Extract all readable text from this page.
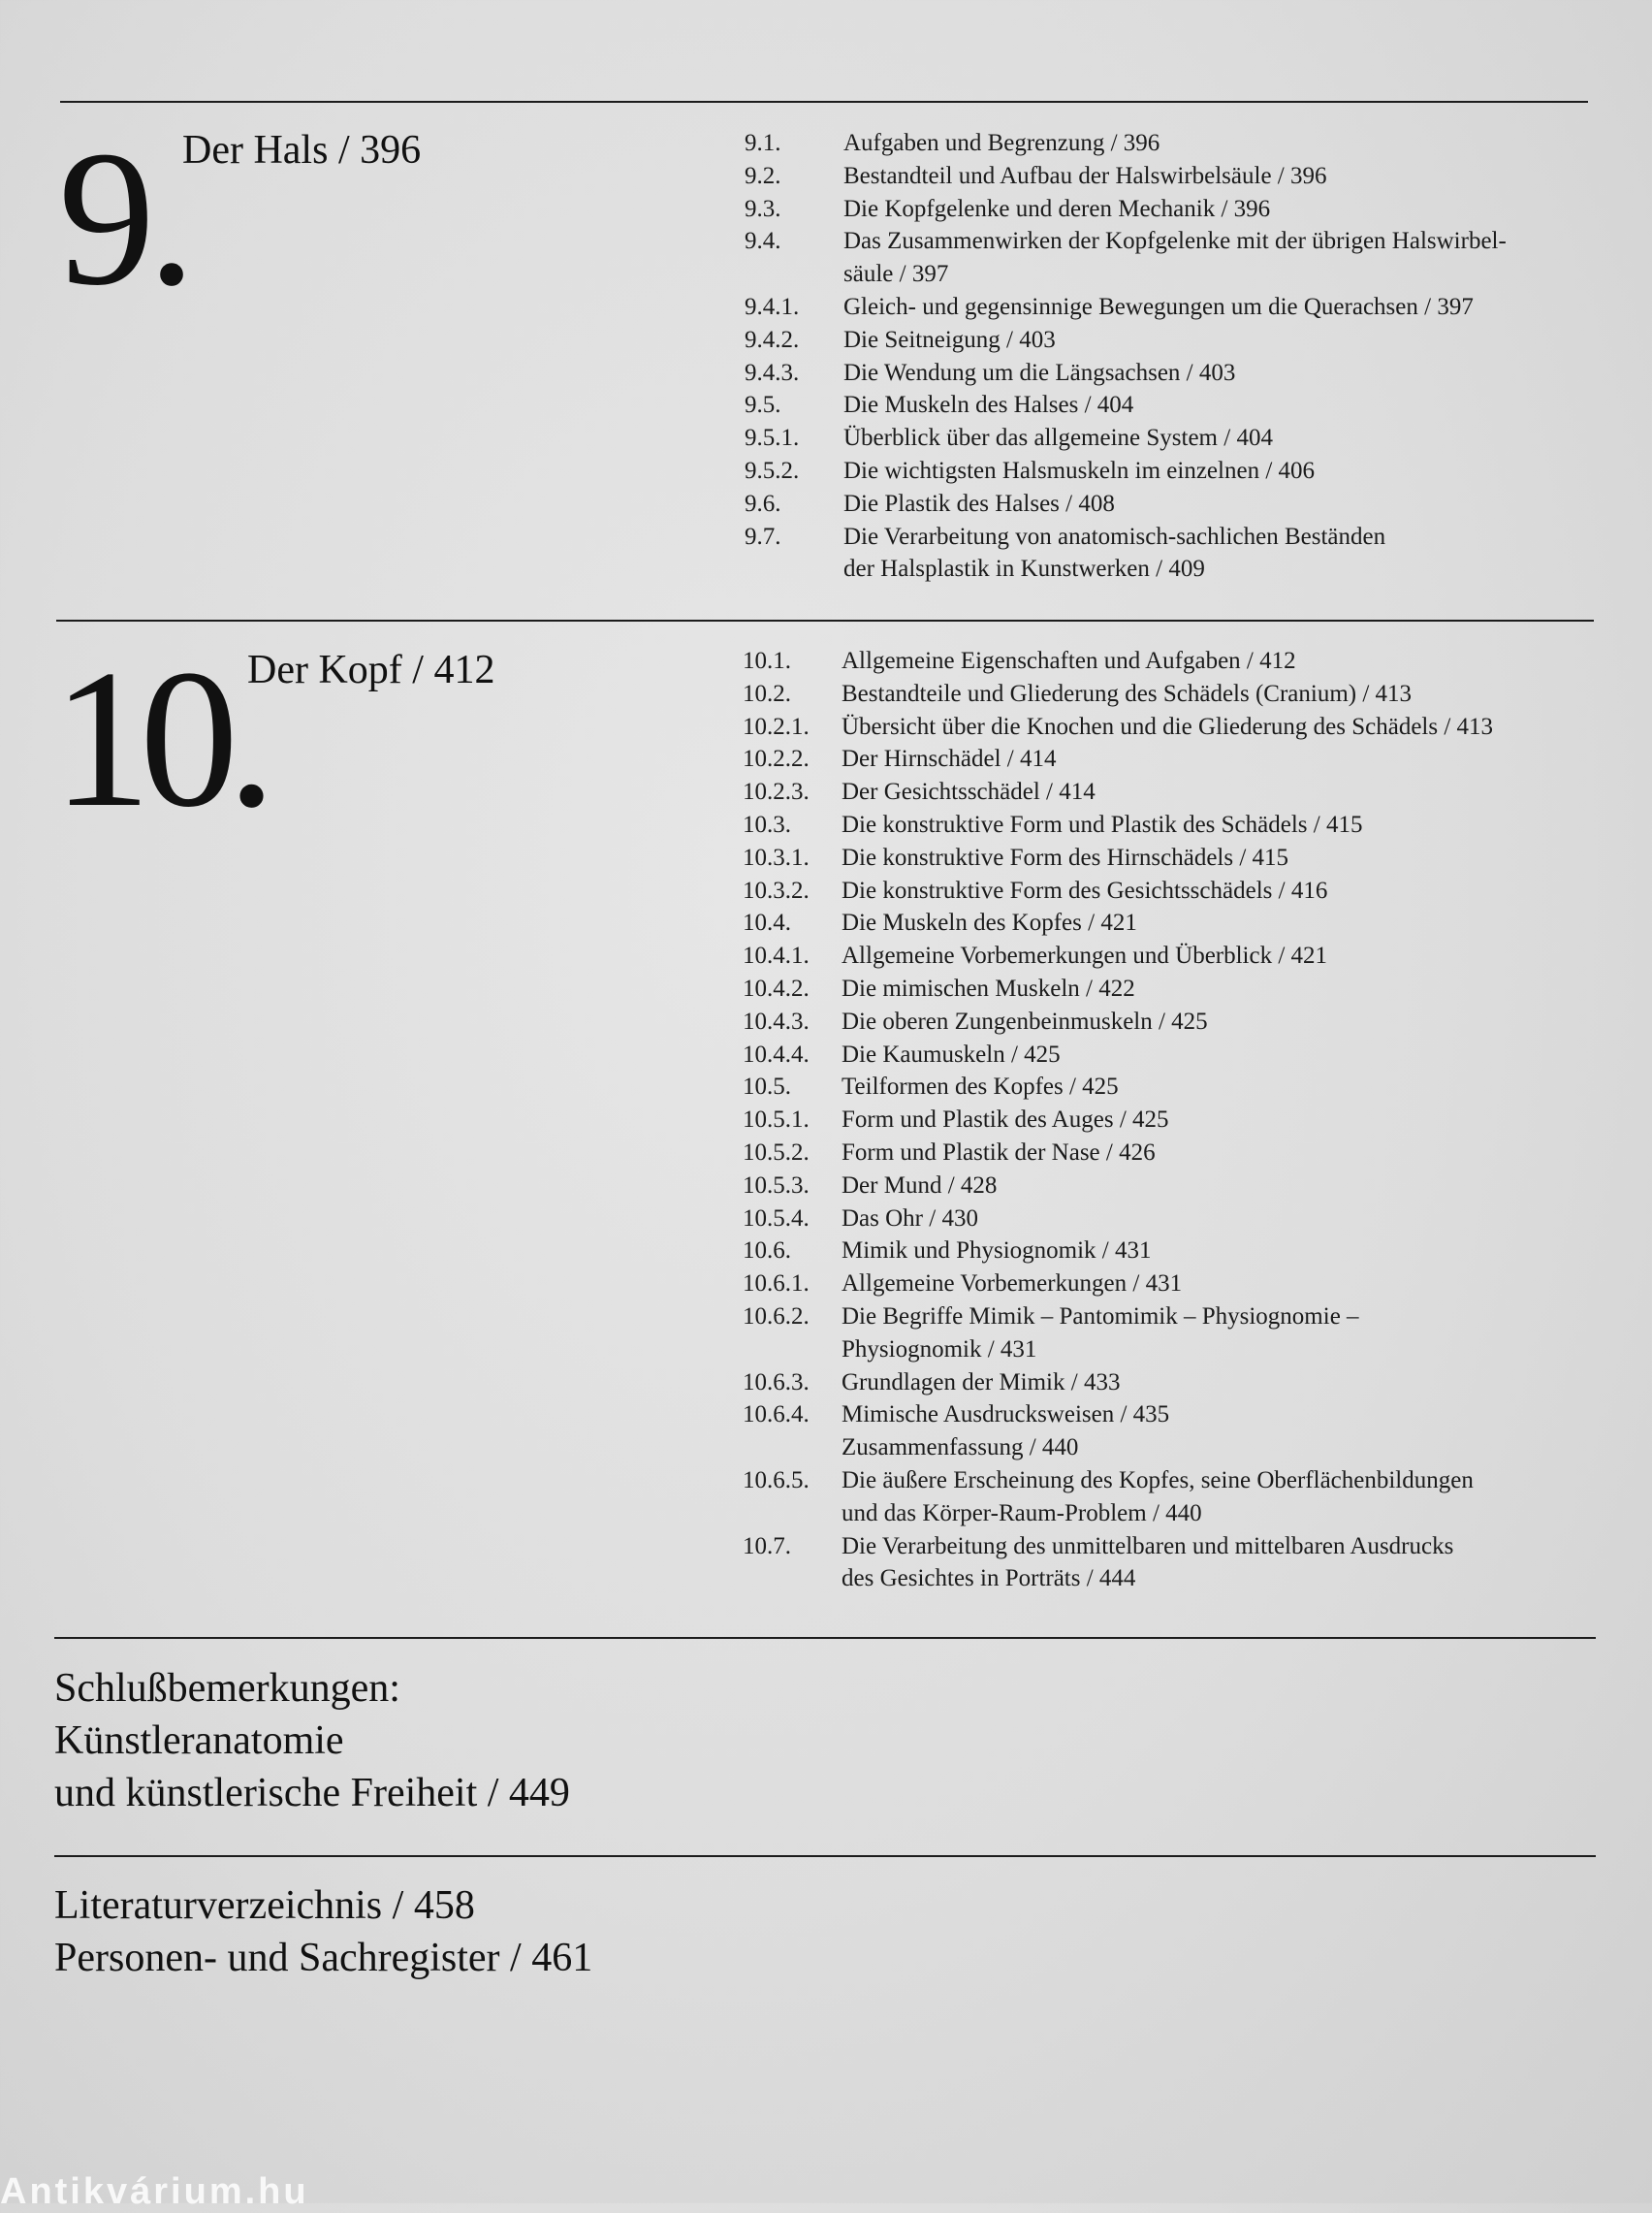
9.
Der Hals / 396	9.1.	Aufgaben und Begrenzung / 396
9.2.	Bestandteil und Aufbau der Halswirbelsäule / 396
9.3.	Die Kopfgelenke und deren Mechanik / 396
9.4.	Das Zusammenwirken der Kopfgelenke mit der übrigen Halswirbel-
säule / 397
9.4.1.	Gleich- und gegensinnige Bewegungen um die Querachsen / 397
9.4.2.	Die Seitneigung / 403
9.4.3.	Die Wendung um die Längsachsen / 403
9.5.	Die Muskeln des Halses / 404
9.5.1.	Überblick über das allgemeine System / 404
9.5.2.	Die wichtigsten Halsmuskeln im einzelnen / 406
9.6.	Die Plastik des Halses / 408
9.7.	Die Verarbeitung von anatomisch-sachlichen Beständen
der Halsplastik in Kunstwerken / 409
10.
Der Kopf / 412	10.1.	Allgemeine Eigenschaften und Aufgaben / 412
10.2.	Bestandteile und Gliederung des Schädels (Cranium) / 413
10.2.1.	Übersicht über die Knochen und die Gliederung des Schädels / 413
10.2.2.	Der Hirnschädel / 414
10.2.3.	Der Gesichtsschädel / 414
10.3.	Die konstruktive Form und Plastik des Schädels / 415
10.3.1.	Die konstruktive Form des Hirnschädels / 415
10.3.2.	Die konstruktive Form des Gesichtsschädels / 416
10.4.	Die Muskeln des Kopfes / 421
10.4.1.	Allgemeine Vorbemerkungen und Überblick / 421
10.4.2.	Die mimischen Muskeln / 422
10.4.3.	Die oberen Zungenbeinmuskeln / 425
10.4.4.	Die Kaumuskeln / 425
10.5.	Teilformen des Kopfes / 425
10.5.1.	Form und Plastik des Auges / 425
10.5.2.	Form und Plastik der Nase / 426
10.5.3.	Der Mund / 428
10.5.4.	Das Ohr / 430
10.6.	Mimik und Physiognomik / 431
10.6.1.	Allgemeine Vorbemerkungen / 431
10.6.2.	Die Begriffe Mimik – Pantomimik – Physiognomie –
Physiognomik / 431
10.6.3.	Grundlagen der Mimik / 433
10.6.4.	Mimische Ausdrucksweisen / 435
Zusammenfassung / 440
10.6.5.	Die äußere Erscheinung des Kopfes, seine Oberflächenbildungen
und das Körper-Raum-Problem / 440
10.7.	Die Verarbeitung des unmittelbaren und mittelbaren Ausdrucks
des Gesichtes in Porträts / 444
Schlußbemerkungen:
Künstleranatomie
und künstlerische Freiheit / 449
Literaturverzeichnis / 458
Personen- und Sachregister / 461
Antikvárium.hu
